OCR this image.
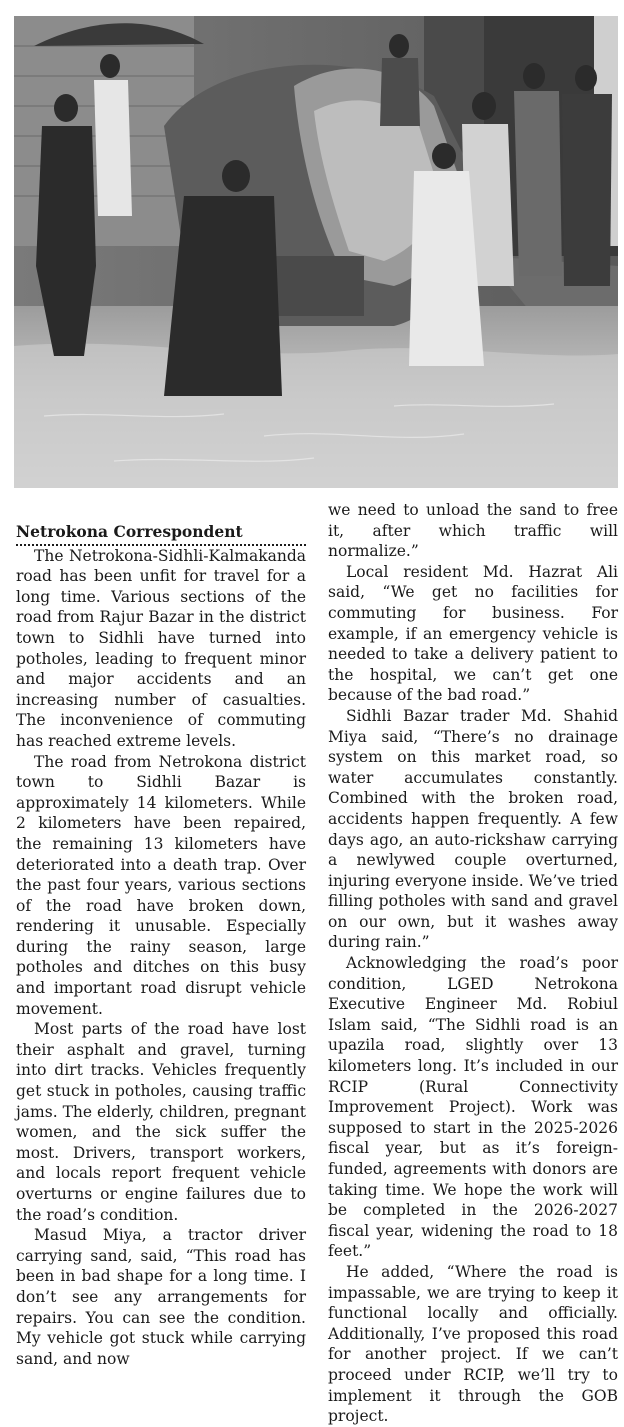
Netrokona Correspondent

The Netrokona-Sidhli-Kalmakanda road has been unfit for travel for a long time. Various sections of the road from Rajur Bazar in the district town to Sidhli have turned into potholes, leading to frequent minor and major accidents and an increasing number of casualties. The inconvenience of commuting has reached extreme levels.

The road from Netrokona district town to Sidhli Bazar is approximately 14 kilometers. While 2 kilometers have been repaired, the remaining 13 kilometers have deteriorated into a death trap. Over the past four years, various sections of the road have broken down, rendering it unusable. Especially during the rainy season, large potholes and ditches on this busy and important road disrupt vehicle movement.

Most parts of the road have lost their asphalt and gravel, turning into dirt tracks. Vehicles frequently get stuck in potholes, causing traffic jams. The elderly, children, pregnant women, and the sick suffer the most. Drivers, transport workers, and locals report frequent vehicle overturns or engine failures due to the road’s condition.

Masud Miya, a tractor driver carrying sand, said, “This road has been in bad shape for a long time. I don’t see any arrangements for repairs. You can see the condition. My vehicle got stuck while carrying sand, and now

we need to unload the sand to free it, after which traffic will normalize.”

Local resident Md. Hazrat Ali said, “We get no facilities for commuting for business. For example, if an emergency vehicle is needed to take a delivery patient to the hospital, we can’t get one because of the bad road.”

Sidhli Bazar trader Md. Shahid Miya said, “There’s no drainage system on this market road, so water accumulates constantly. Combined with the broken road, accidents happen frequently. A few days ago, an auto-rickshaw carrying a newlywed couple overturned, injuring everyone inside. We’ve tried filling potholes with sand and gravel on our own, but it washes away during rain.”

Acknowledging the road’s poor condition, LGED Netrokona Executive Engineer Md. Robiul Islam said, “The Sidhli road is an upazila road, slightly over 13 kilometers long. It’s included in our RCIP (Rural Connectivity Improvement Project). Work was supposed to start in the 2025-2026 fiscal year, but as it’s foreign-funded, agreements with donors are taking time. We hope the work will be completed in the 2026-2027 fiscal year, widening the road to 18 feet.”

He added, “Where the road is impassable, we are trying to keep it functional locally and officially. Additionally, I’ve proposed this road for another project. If we can’t proceed under RCIP, we’ll try to implement it through the GOB project.
